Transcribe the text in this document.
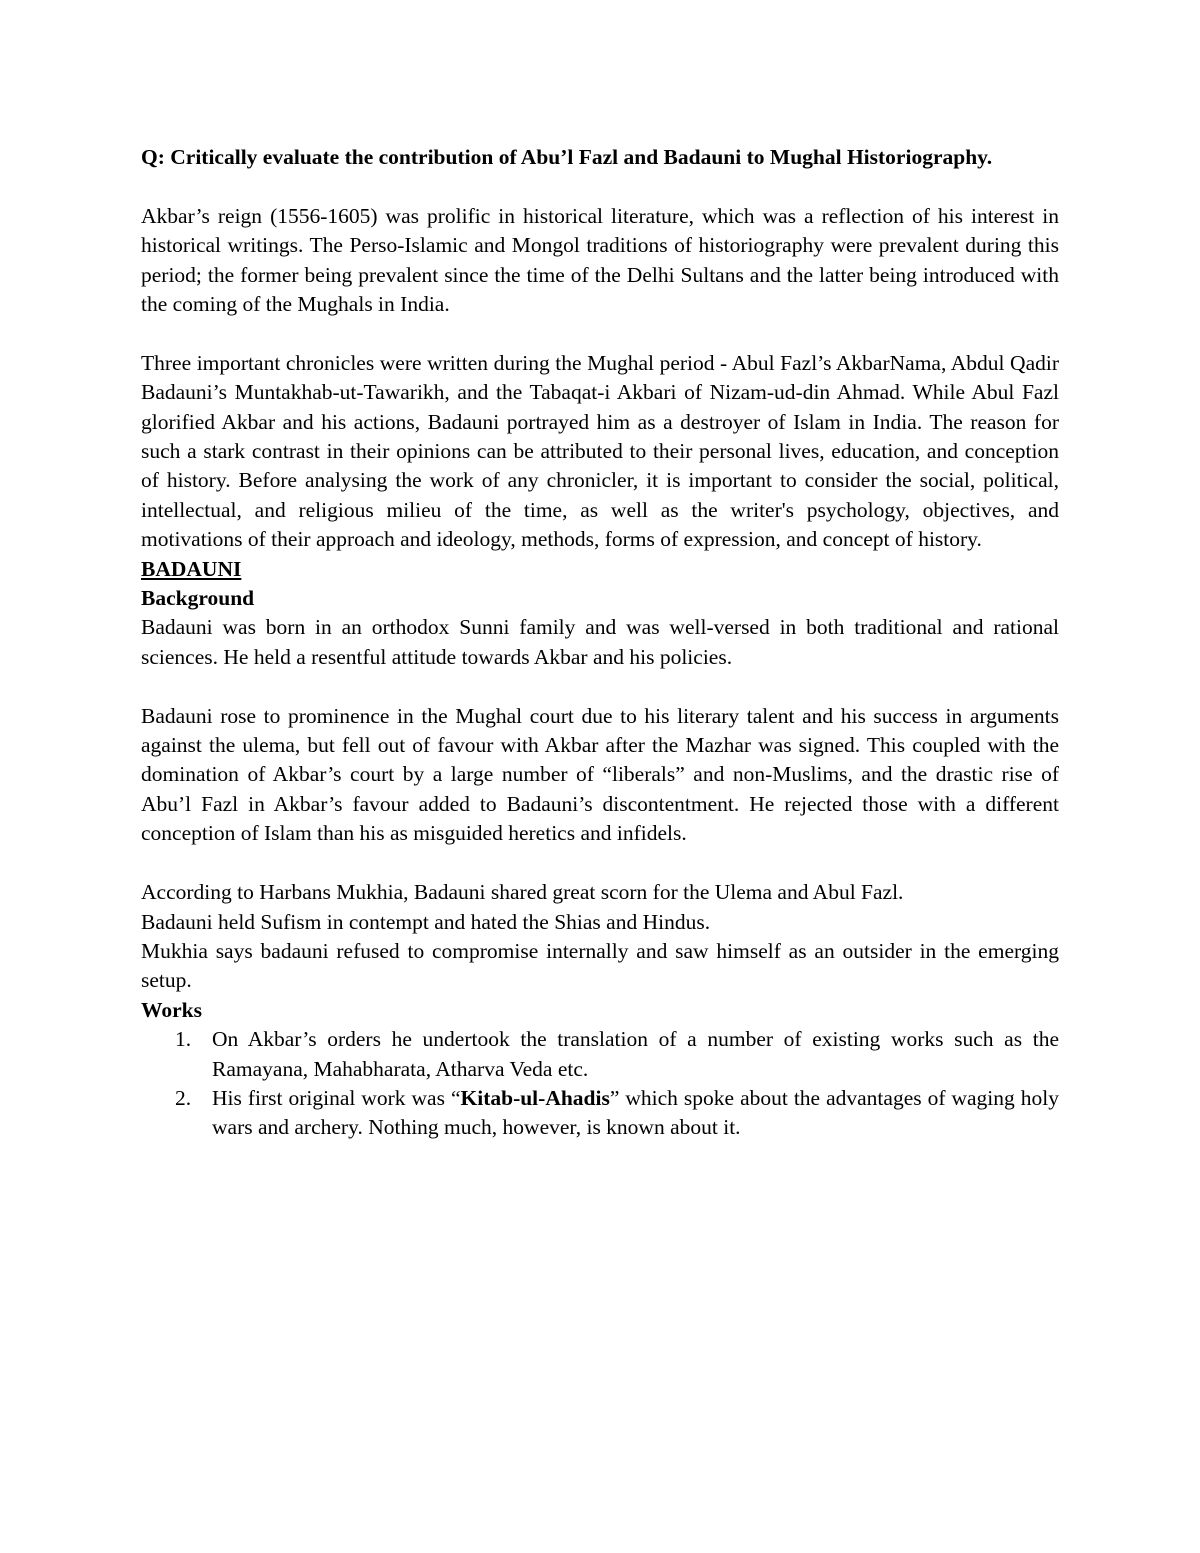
Q: Critically evaluate the contribution of Abu’l Fazl and Badauni to Mughal Historiography.

Akbar’s reign (1556-1605) was prolific in historical literature, which was a reflection of his interest in historical writings. The Perso-Islamic and Mongol traditions of historiography were prevalent during this period; the former being prevalent since the time of the Delhi Sultans and the latter being introduced with the coming of the Mughals in India.

Three important chronicles were written during the Mughal period - Abul Fazl’s AkbarNama, Abdul Qadir Badauni’s Muntakhab-ut-Tawarikh, and the Tabaqat-i Akbari of Nizam-ud-din Ahmad. While Abul Fazl glorified Akbar and his actions, Badauni portrayed him as a destroyer of Islam in India. The reason for such a stark contrast in their opinions can be attributed to their personal lives, education, and conception of history. Before analysing the work of any chronicler, it is important to consider the social, political, intellectual, and religious milieu of the time, as well as the writer's psychology, objectives, and motivations of their approach and ideology, methods, forms of expression, and concept of history.

BADAUNI

Background

Badauni was born in an orthodox Sunni family and was well-versed in both traditional and rational sciences. He held a resentful attitude towards Akbar and his policies.

Badauni rose to prominence in the Mughal court due to his literary talent and his success in arguments against the ulema, but fell out of favour with Akbar after the Mazhar was signed. This coupled with the domination of Akbar’s court by a large number of “liberals” and non-Muslims, and the drastic rise of Abu’l Fazl in Akbar’s favour added to Badauni’s discontentment. He rejected those with a different conception of Islam than his as misguided heretics and infidels.

According to Harbans Mukhia, Badauni shared great scorn for the Ulema and Abul Fazl.

Badauni held Sufism in contempt and hated the Shias and Hindus.

Mukhia says badauni refused to compromise internally and saw himself as an outsider in the emerging setup.

Works

1. On Akbar’s orders he undertook the translation of a number of existing works such as the Ramayana, Mahabharata, Atharva Veda etc.
2. His first original work was “Kitab-ul-Ahadis” which spoke about the advantages of waging holy wars and archery. Nothing much, however, is known about it.
